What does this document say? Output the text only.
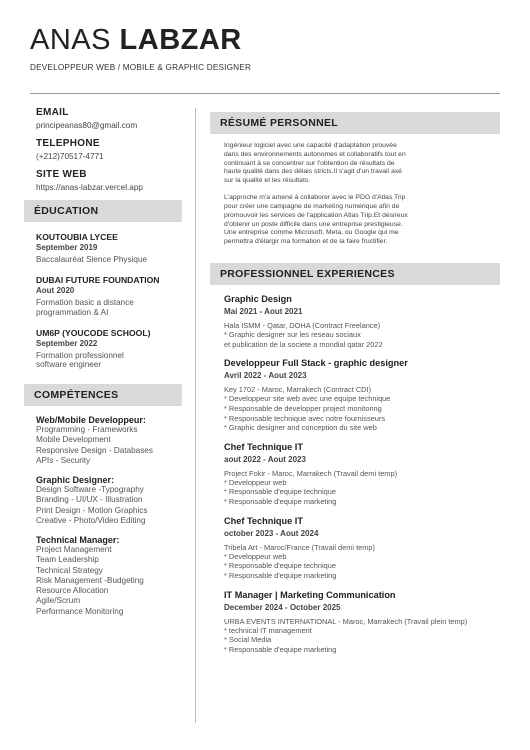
ANAS LABZAR
DEVELOPPEUR WEB / MOBILE & GRAPHIC DESIGNER
EMAIL
principeanas80@gmail.com
TELEPHONE
(+212)70517-4771
SITE WEB
https://anas-labzar.vercel.app
ÉDUCATION
KOUTOUBIA LYCEE
September 2019
Baccalauréat Sience Physique
DUBAI FUTURE FOUNDATION
Aout 2020
Formation basic a distance
programmation & AI
UM6P (YOUCODE SCHOOL)
September 2022
Formation professionnel
software engineer
COMPÉTENCES
Web/Mobile Developpeur:
Programming - Frameworks
Mobile Development
Responsive Design - Databases
APIs - Security
Graphic Designer:
Design Software -Typography
Branding - UI/UX - Illustration
Print Design - Motion Graphics
Creative - Photo/Video Editing
Technical Manager:
Project Management
Team Leadership
Technical Strategy
Risk Management -Budgeting
Resource Allocation
Agile/Scrum
Performance Monitoring
RÉSUMÉ PERSONNEL

Ingénieur logiciel avec une capacité d'adaptation prouvée
dans des environnements autonomes et collaboratifs tout en
continuant à se concentrer sur l'obtention de résultats de
haute qualité dans des délais stricts.Il s'agit d'un travail axé
sur la qualité et les résultats.

L'approche m'a amené à collaborer avec le PDG d'Atlas Trip
pour créer une campagne de marketing numérique afin de
promouvoir les services de l'application Atlas Trip.Et désireux
d'obtenir un poste difficile dans une entreprise prestigieuse.
Une entreprise comme Microsoft, Meta, ou Google qui me
permettra d'élargir ma formation et de la faire fructifier.

PROFESSIONNEL EXPERIENCES
Graphic Design
Mai 2021 - Aout 2021
Hala ISMM - Qatar, DOHA (Contract Freelance)
* Graphic designer sur les reseau sociaux
et publication de la societe a mondial qatar 2022
Developpeur Full Stack - graphic designer
Avril 2022 - Aout 2023
Key 1702 - Maroc, Marrakech (Contract CDI)
* Developpeur site web avec une equipe technique
* Responsable de developper project monitoring
* Responsable technique avec notre fournisseurs
* Graphic designer and conception du site web
Chef Technique IT
aout 2022 - Aout 2023
Project Fokir - Maroc, Marrakech (Travail demi temp)
* Developpeur web
* Responsable d'equipe technique
* Responsable d'equipe marketing
Chef Technique IT
october 2023 - Aout 2024
Tribela Art - Maroc/France (Travail demi temp)
* Developpeur web
* Responsable d'equipe technique
* Responsable d'equipe marketing
IT Manager | Marketing Communication
December 2024 - October 2025
URBA EVENTS INTERNATIONAL - Maroc, Marrakech (Travail plein temp)
* technical IT management
* Social Media
* Responsable d'equipe marketing
